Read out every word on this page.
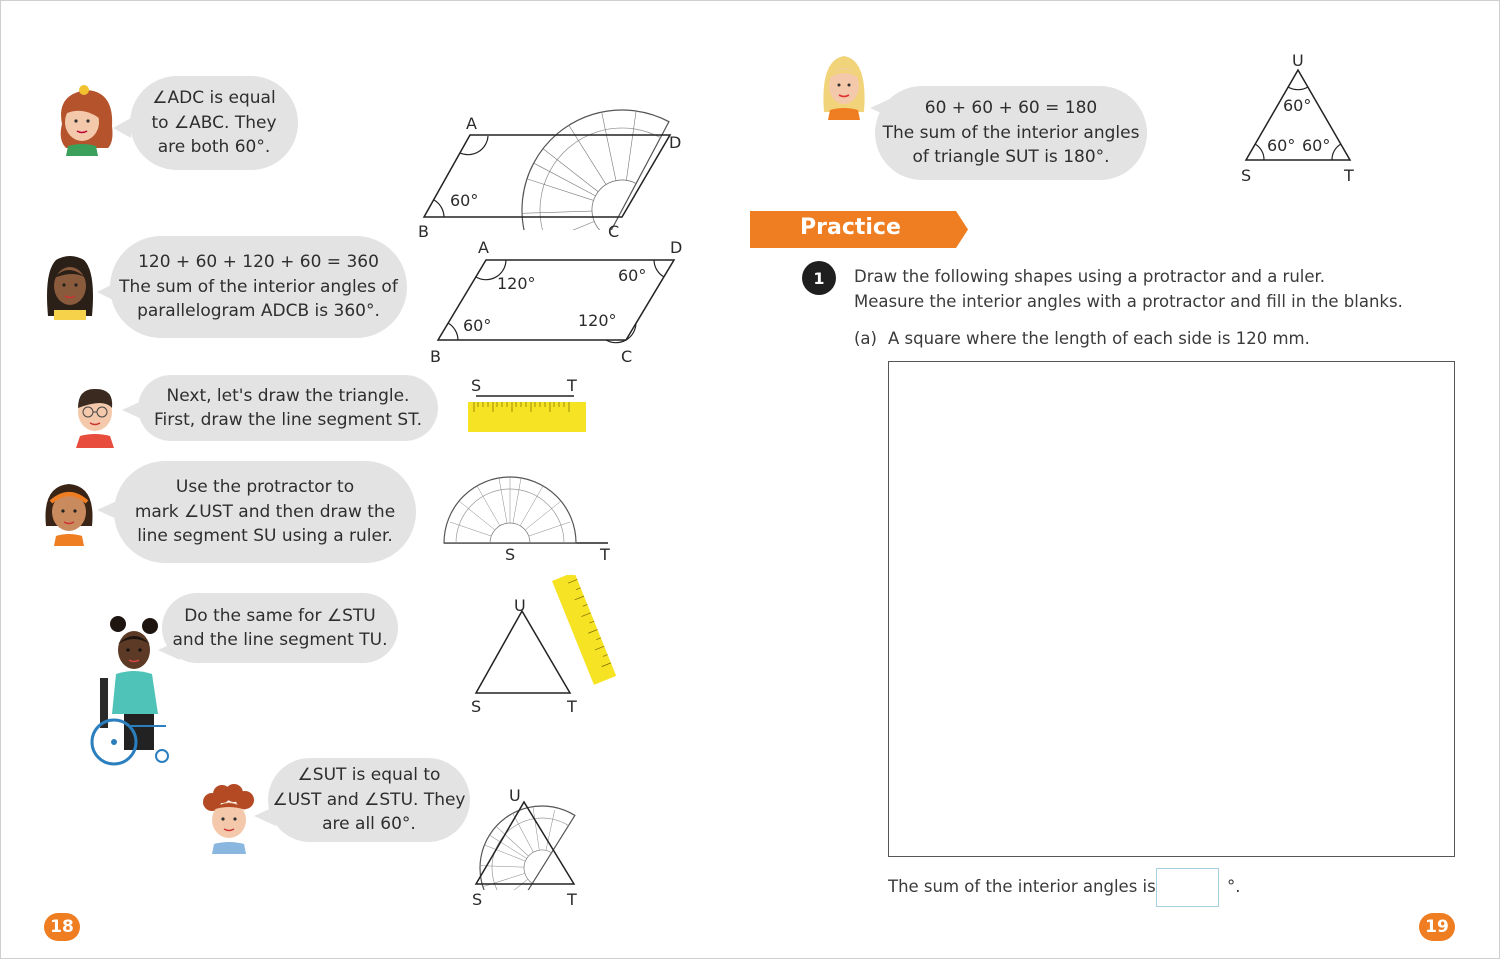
∠ADC is equal
to ∠ABC. They
are both 60°.
A
D
B	C
60°
120 + 60 + 120 + 60 = 360
The sum of the interior angles of
parallelogram ADCB is 360°.
A	D
B	C
120°	60°
60°	120°
Next, let's draw the triangle.
First, draw the line segment ST.
S	T
Use the protractor to
mark ∠UST and then draw the
line segment SU using a ruler.
S	T
Do the same for ∠STU
and the line segment TU.
U
S	T
∠SUT is equal to
∠UST and ∠STU. They
are all 60°.
U
S	T
18
60 + 60 + 60 = 180
The sum of the interior angles
of triangle SUT is 180°.
U
S	T
60°
60° 60°
Practice
1	Draw the following shapes using a protractor and a ruler.
Measure the interior angles with a protractor and fill in the blanks.
(a) A square where the length of each side is 120 mm.
The sum of the interior angles is	°.
19
